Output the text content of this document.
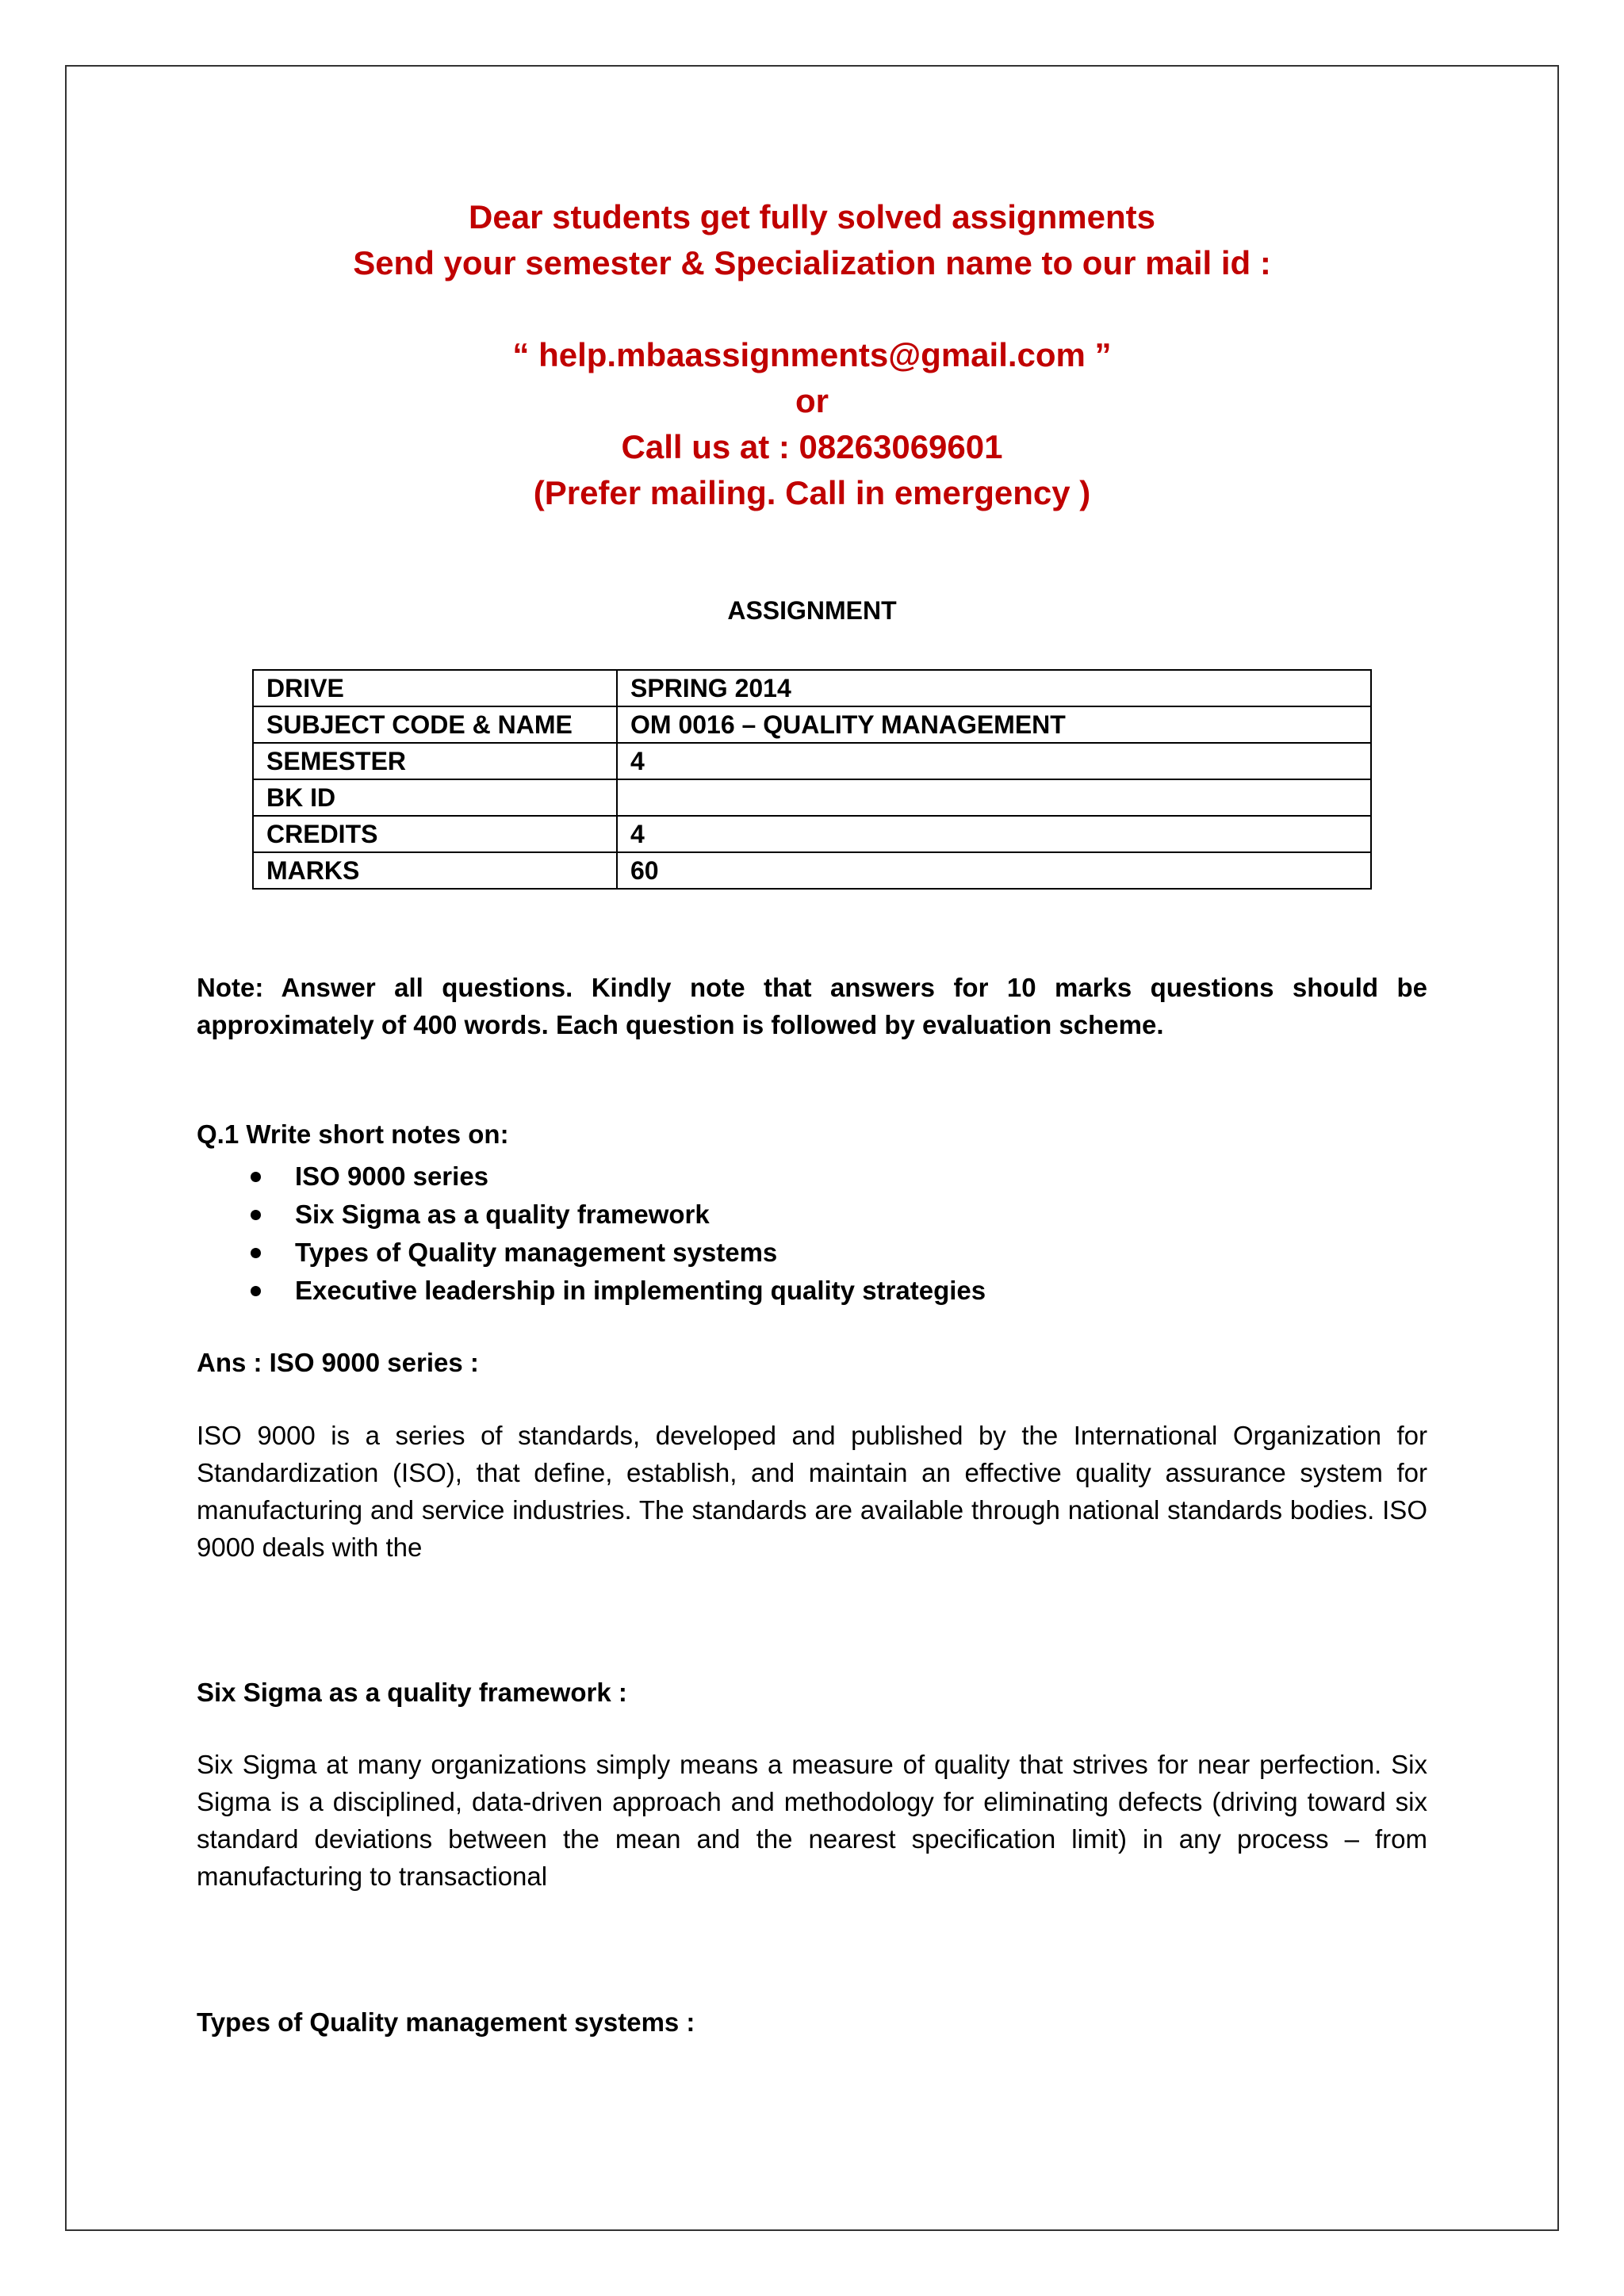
Dear students get fully solved assignments
Send your semester & Specialization name to our mail id :
“ help.mbaassignments@gmail.com ”
or
Call us at : 08263069601
(Prefer mailing. Call in emergency )
ASSIGNMENT
DRIVE	SPRING 2014
SUBJECT CODE & NAME	OM 0016 – QUALITY MANAGEMENT
SEMESTER	4
BK ID	
CREDITS	4
MARKS	60
Note: Answer all questions. Kindly note that answers for 10 marks questions should be approximately of 400 words. Each question is followed by evaluation scheme.
Q.1 Write short notes on:
ISO 9000 series
Six Sigma as a quality framework
Types of Quality management systems
Executive leadership in implementing quality strategies
Ans : ISO 9000 series :
ISO 9000 is a series of standards, developed and published by the International Organization for Standardization (ISO), that define, establish, and maintain an effective quality assurance system for manufacturing and service industries. The standards are available through national standards bodies. ISO 9000 deals with the
Six Sigma as a quality framework :
Six Sigma at many organizations simply means a measure of quality that strives for near perfection. Six Sigma is a disciplined, data-driven approach and methodology for eliminating defects (driving toward six standard deviations between the mean and the nearest specification limit) in any process – from manufacturing to transactional
Types of Quality management systems :
